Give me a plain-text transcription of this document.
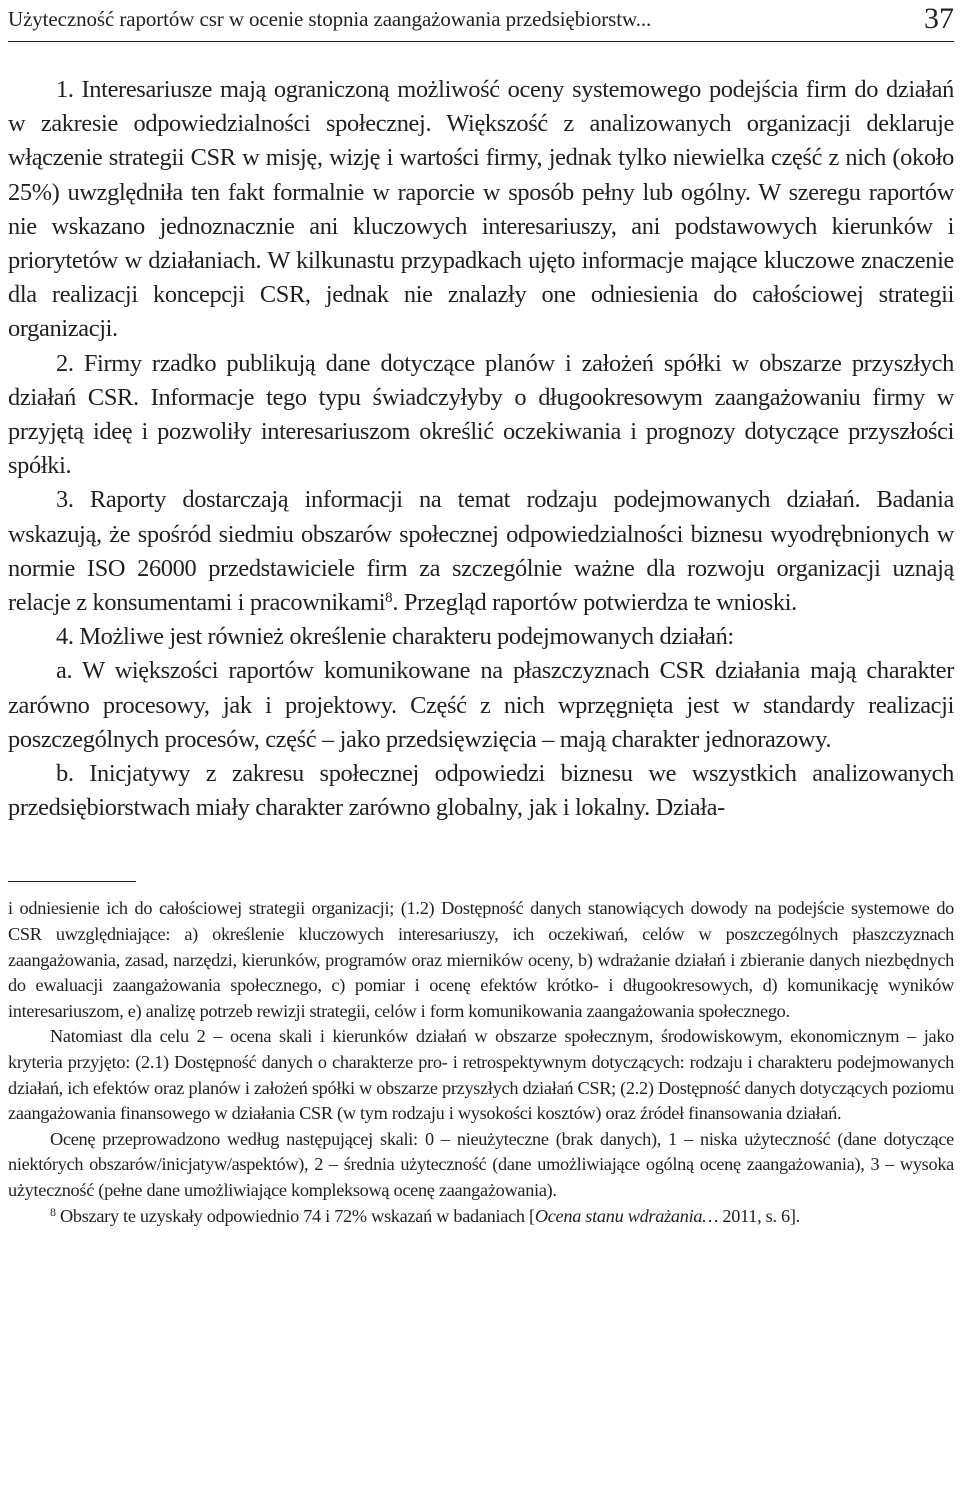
Użyteczność raportów csr w ocenie stopnia zaangażowania przedsiębiorstw...	37

1. Interesariusze mają ograniczoną możliwość oceny systemowego podejścia firm do działań w zakresie odpowiedzialności społecznej. Większość z analizowanych organizacji deklaruje włączenie strategii CSR w misję, wizję i wartości firmy, jednak tylko niewielka część z nich (około 25%) uwzględniła ten fakt formalnie w raporcie w sposób pełny lub ogólny. W szeregu raportów nie wskazano jednoznacznie ani kluczowych interesariuszy, ani podstawowych kierunków i priorytetów w działaniach. W kilkunastu przypadkach ujęto informacje mające kluczowe znaczenie dla realizacji koncepcji CSR, jednak nie znalazły one odniesienia do całościowej strategii organizacji.

2. Firmy rzadko publikują dane dotyczące planów i założeń spółki w obszarze przyszłych działań CSR. Informacje tego typu świadczyłyby o długookresowym zaangażowaniu firmy w przyjętą ideę i pozwoliły interesariuszom określić oczekiwania i prognozy dotyczące przyszłości spółki.

3. Raporty dostarczają informacji na temat rodzaju podejmowanych działań. Badania wskazują, że spośród siedmiu obszarów społecznej odpowiedzialności biznesu wyodrębnionych w normie ISO 26000 przedstawiciele firm za szczególnie ważne dla rozwoju organizacji uznają relacje z konsumentami i pracownikami$^8$. Przegląd raportów potwierdza te wnioski.

4. Możliwe jest również określenie charakteru podejmowanych działań:

a. W większości raportów komunikowane na płaszczyznach CSR działania mają charakter zarówno procesowy, jak i projektowy. Część z nich wprzęgnięta jest w standardy realizacji poszczególnych procesów, część – jako przedsięwzięcia – mają charakter jednorazowy.

b. Inicjatywy z zakresu społecznej odpowiedzi biznesu we wszystkich analizowanych przedsiębiorstwach miały charakter zarówno globalny, jak i lokalny. Działa-

i odniesienie ich do całościowej strategii organizacji; (1.2) Dostępność danych stanowiących dowody na podejście systemowe do CSR uwzględniające: a) określenie kluczowych interesariuszy, ich oczekiwań, celów w poszczególnych płaszczyznach zaangażowania, zasad, narzędzi, kierunków, programów oraz mierników oceny, b) wdrażanie działań i zbieranie danych niezbędnych do ewaluacji zaangażowania społecznego, c) pomiar i ocenę efektów krótko- i długookresowych, d) komunikację wyników interesariuszom, e) analizę potrzeb rewizji strategii, celów i form komunikowania zaangażowania społecznego.

Natomiast dla celu 2 – ocena skali i kierunków działań w obszarze społecznym, środowiskowym, ekonomicznym – jako kryteria przyjęto: (2.1) Dostępność danych o charakterze pro- i retrospektywnym dotyczących: rodzaju i charakteru podejmowanych działań, ich efektów oraz planów i założeń spółki w obszarze przyszłych działań CSR; (2.2) Dostępność danych dotyczących poziomu zaangażowania finansowego w działania CSR (w tym rodzaju i wysokości kosztów) oraz źródeł finansowania działań.

Ocenę przeprowadzono według następującej skali: 0 – nieużyteczne (brak danych), 1 – niska użyteczność (dane dotyczące niektórych obszarów/inicjatyw/aspektów), 2 – średnia użyteczność (dane umożliwiające ogólną ocenę zaangażowania), 3 – wysoka użyteczność (pełne dane umożliwiające kompleksową ocenę zaangażowania).

$^8$ Obszary te uzyskały odpowiednio 74 i 72% wskazań w badaniach [Ocena stanu wdrażania… 2011, s. 6].
